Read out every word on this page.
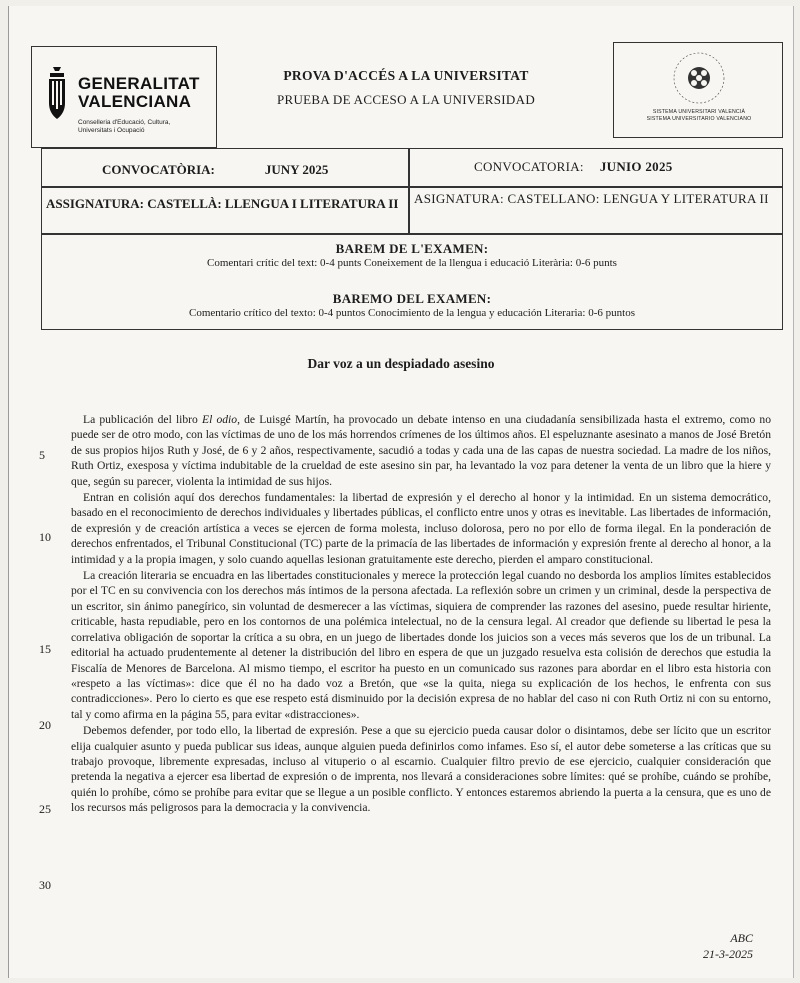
GENERALITAT
VALENCIANA
Conselleria d'Educació, Cultura,
Universitats i Ocupació
PROVA D'ACCÉS A LA UNIVERSITAT
PRUEBA DE ACCESO A LA UNIVERSIDAD
SISTEMA UNIVERSITARI VALENCIÀ
SISTEMA UNIVERSITARIO VALENCIANO
CONVOCATÒRIA:	JUNY 2025	CONVOCATORIA: JUNIO 2025
ASSIGNATURA: CASTELLÀ: LLENGUA I LITERATURA II	ASIGNATURA: CASTELLANO: LENGUA Y LITERATURA II
BAREM DE L'EXAMEN:
Comentari crític del text: 0-4 punts Coneixement de la llengua i educació Literària: 0-6 punts
BAREMO DEL EXAMEN:
Comentario crítico del texto: 0-4 puntos Conocimiento de la lengua y educación Literaria: 0-6 puntos
Dar voz a un despiadado asesino

La publicación del libro El odio, de Luisgé Martín, ha provocado un debate intenso en una ciudadanía sensibilizada hasta el extremo, como no puede ser de otro modo, con las víctimas de uno de los más horrendos crímenes de los últimos años. El espeluznante asesinato a manos de José Bretón de sus propios hijos Ruth y José, de 6 y 2 años, respectivamente, sacudió a todas y cada una de las capas de nuestra sociedad. La madre de los niños, Ruth Ortiz, exesposa y víctima indubitable de la crueldad de este asesino sin par, ha levantado la voz para detener la venta de un libro que la hiere y que, según su parecer, violenta la intimidad de sus hijos.

Entran en colisión aquí dos derechos fundamentales: la libertad de expresión y el derecho al honor y la intimidad. En un sistema democrático, basado en el reconocimiento de derechos individuales y libertades públicas, el conflicto entre unos y otras es inevitable. Las libertades de información, de expresión y de creación artística a veces se ejercen de forma molesta, incluso dolorosa, pero no por ello de forma ilegal. En la ponderación de derechos enfrentados, el Tribunal Constitucional (TC) parte de la primacía de las libertades de información y expresión frente al derecho al honor, a la intimidad y a la propia imagen, y solo cuando aquellas lesionan gratuitamente este derecho, pierden el amparo constitucional.

La creación literaria se encuadra en las libertades constitucionales y merece la protección legal cuando no desborda los amplios límites establecidos por el TC en su convivencia con los derechos más íntimos de la persona afectada. La reflexión sobre un crimen y un criminal, desde la perspectiva de un escritor, sin ánimo panegírico, sin voluntad de desmerecer a las víctimas, siquiera de comprender las razones del asesino, puede resultar hiriente, criticable, hasta repudiable, pero en los contornos de una polémica intelectual, no de la censura legal. Al creador que defiende su libertad le pesa la correlativa obligación de soportar la crítica a su obra, en un juego de libertades donde los juicios son a veces más severos que los de un tribunal. La editorial ha actuado prudentemente al detener la distribución del libro en espera de que un juzgado resuelva esta colisión de derechos que estudia la Fiscalía de Menores de Barcelona. Al mismo tiempo, el escritor ha puesto en un comunicado sus razones para abordar en el libro esta historia con «respeto a las víctimas»: dice que él no ha dado voz a Bretón, que «se la quita, niega su explicación de los hechos, le enfrenta con sus contradicciones». Pero lo cierto es que ese respeto está disminuido por la decisión expresa de no hablar del caso ni con Ruth Ortiz ni con su entorno, tal y como afirma en la página 55, para evitar «distracciones».

Debemos defender, por todo ello, la libertad de expresión. Pese a que su ejercicio pueda causar dolor o disintamos, debe ser lícito que un escritor elija cualquier asunto y pueda publicar sus ideas, aunque alguien pueda definirlos como infames. Eso sí, el autor debe someterse a las críticas que su trabajo provoque, libremente expresadas, incluso al vituperio o al escarnio. Cualquier filtro previo de ese ejercicio, cualquier consideración que pretenda la negativa a ejercer esa libertad de expresión o de imprenta, nos llevará a consideraciones sobre límites: qué se prohíbe, cuándo se prohíbe, quién lo prohíbe, cómo se prohíbe para evitar que se llegue a un posible conflicto. Y entonces estaremos abriendo la puerta a la censura, que es uno de los recursos más peligrosos para la democracia y la convivencia.

5
10
15
20
25
30
ABC
21-3-2025
